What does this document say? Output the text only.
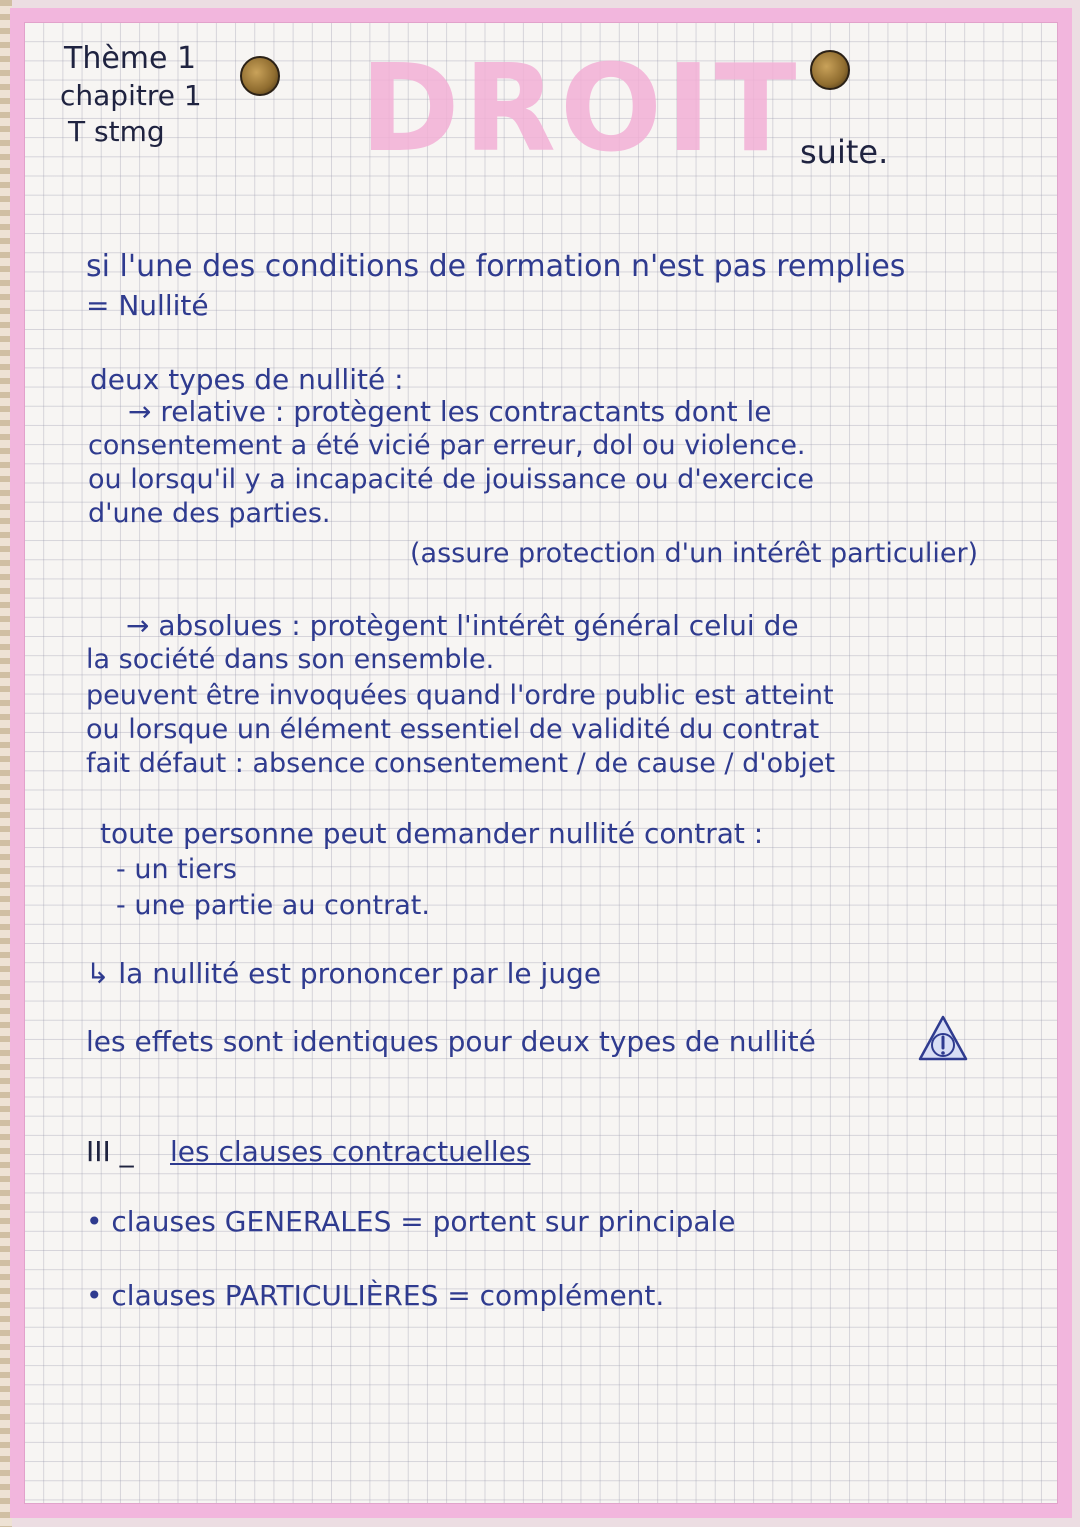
DROIT
Thème 1
chapitre 1
T stmg
suite.
si l'une des conditions de formation n'est pas remplies
= Nullité
deux types de nullité :
→ relative : protègent les contractants dont le
consentement a été vicié par erreur, dol ou violence.
ou lorsqu'il y a incapacité de jouissance ou d'exercice
d'une des parties.
(assure protection d'un intérêt particulier)
→ absolues : protègent l'intérêt général celui de
la société dans son ensemble.
peuvent être invoquées quand l'ordre public est atteint
ou lorsque un élément essentiel de validité du contrat
fait défaut : absence consentement / de cause / d'objet
toute personne peut demander nullité contrat :
- un tiers
- une partie au contrat.
↳ la nullité est prononcer par le juge
les effets sont identiques pour deux types de nullité
III _ les clauses contractuelles
• clauses GENERALES = portent sur principale
• clauses PARTICULIÈRES = complément.
